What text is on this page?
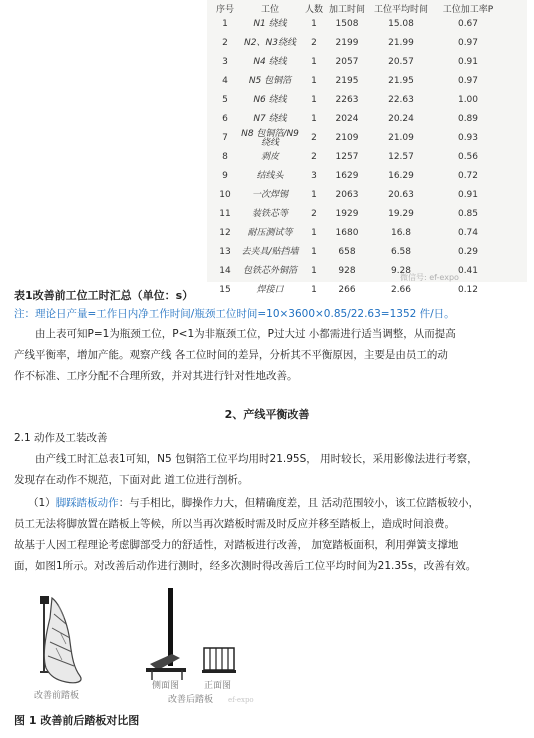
序号	工位	人数	加工时间	工位平均时间	工位加工率P
1	N1 绕线	1	1508	15.08	0.67
2	N2、N3绕线	2	2199	21.99	0.97
3	N4 绕线	1	2057	20.57	0.91
4	N5 包铜箔	1	2195	21.95	0.97
5	N6 绕线	1	2263	22.63	1.00
6	N7 绕线	1	2024	20.24	0.89
7	N8 包铜箔/N9 绕线	2	2109	21.09	0.93
8	剥皮	2	1257	12.57	0.56
9	结线头	3	1629	16.29	0.72
10	一次焊锡	1	2063	20.63	0.91
11	装铁芯等	2	1929	19.29	0.85
12	耐压测试等	1	1680	16.8	0.74
13	去夹具/贴挡墙	1	658	6.58	0.29
14	包铁芯外铜箔	1	928	9.28	0.41
15	焊接口	1	266	2.66	0.12
微信号: ef-expo
表1改善前工位工时汇总（单位：s）
注：理论日产量=工作日内净工作时间/瓶颈工位时间=10×3600×0.85/22.63=1352 件/日。
由上表可知P=1为瓶颈工位，P<1为非瓶颈工位，P过大过 小都需进行适当调整，从而提高
产线平衡率，增加产能。观察产线 各工位时间的差异，分析其不平衡原因，主要是由员工的动
作不标准、工序分配不合理所致，并对其进行针对性地改善。
2、产线平衡改善
2.1 动作及工装改善
由产线工时汇总表1可知，N5 包铜箔工位平均用时21.95S， 用时较长，采用影像法进行考察，
发现存在动作不规范，下面对此 道工位进行剖析。
（1）脚踩踏板动作：与手相比，脚操作力大，但精确度差，且 活动范围较小，该工位踏板较小，
员工无法将脚放置在踏板上等候，所以当再次踏板时需及时反应并移至踏板上，造成时间浪费。
故基于人因工程理论考虑脚部受力的舒适性，对踏板进行改善， 加宽踏板面积，利用弹簧支撑地
面，如图1所示。对改善后动作进行测时，经多次测时得改善后工位平均时间为21.35s，改善有效。
改善前踏板
侧面图	正面图
改善后踏板 ef-expo
图 1 改善前后踏板对比图
